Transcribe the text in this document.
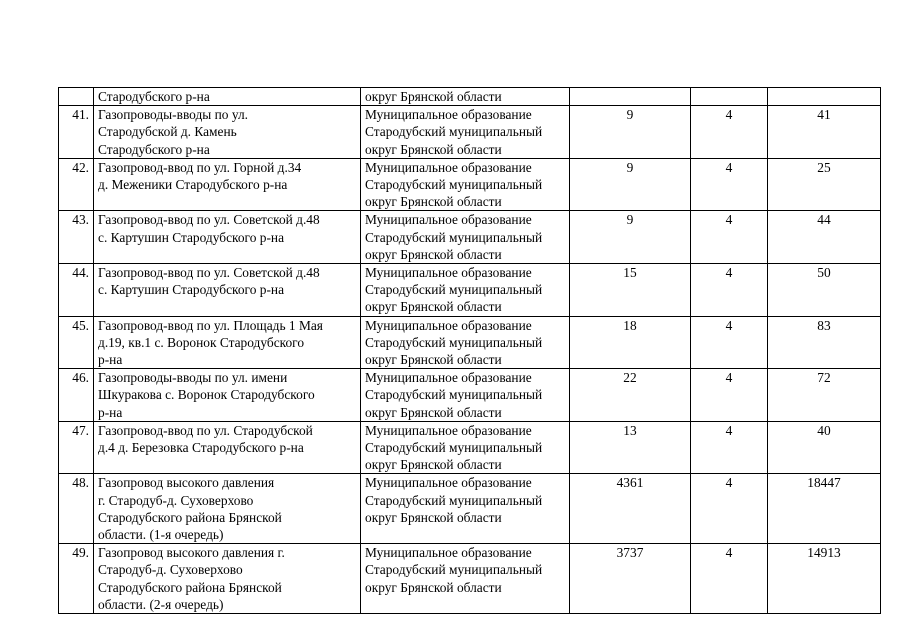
	Стародубского р-на	округ Брянской области			

41.	Газопроводы-вводы по ул.
Стародубской д. Камень
Стародубского р-на	Муниципальное образование
Стародубский муниципальный
округ Брянской области	9	4	41

42.	Газопровод-ввод по ул. Горной д.34
д. Меженики Стародубского р-на	Муниципальное образование
Стародубский муниципальный
округ Брянской области	9	4	25

43.	Газопровод-ввод по ул. Советской д.48
с. Картушин Стародубского р-на	Муниципальное образование
Стародубский муниципальный
округ Брянской области	9	4	44

44.	Газопровод-ввод по ул. Советской д.48
с. Картушин Стародубского р-на	Муниципальное образование
Стародубский муниципальный
округ Брянской области	15	4	50

45.	Газопровод-ввод по ул. Площадь 1 Мая
д.19, кв.1 с. Воронок Стародубского
р-на	Муниципальное образование
Стародубский муниципальный
округ Брянской области	18	4	83

46.	Газопроводы-вводы по ул. имени
Шкуракова с. Воронок Стародубского
р-на	Муниципальное образование
Стародубский муниципальный
округ Брянской области	22	4	72

47.	Газопровод-ввод по ул. Стародубской
д.4 д. Березовка Стародубского р-на	Муниципальное образование
Стародубский муниципальный
округ Брянской области	13	4	40

48.	Газопровод высокого давления
г. Стародуб-д. Суховерхово
Стародубского района Брянской
области. (1-я очередь)	Муниципальное образование
Стародубский муниципальный
округ Брянской области	4361	4	18447

49.	Газопровод высокого давления г.
Стародуб-д. Суховерхово
Стародубского района Брянской
области. (2-я очередь)	Муниципальное образование
Стародубский муниципальный
округ Брянской области	3737	4	14913
